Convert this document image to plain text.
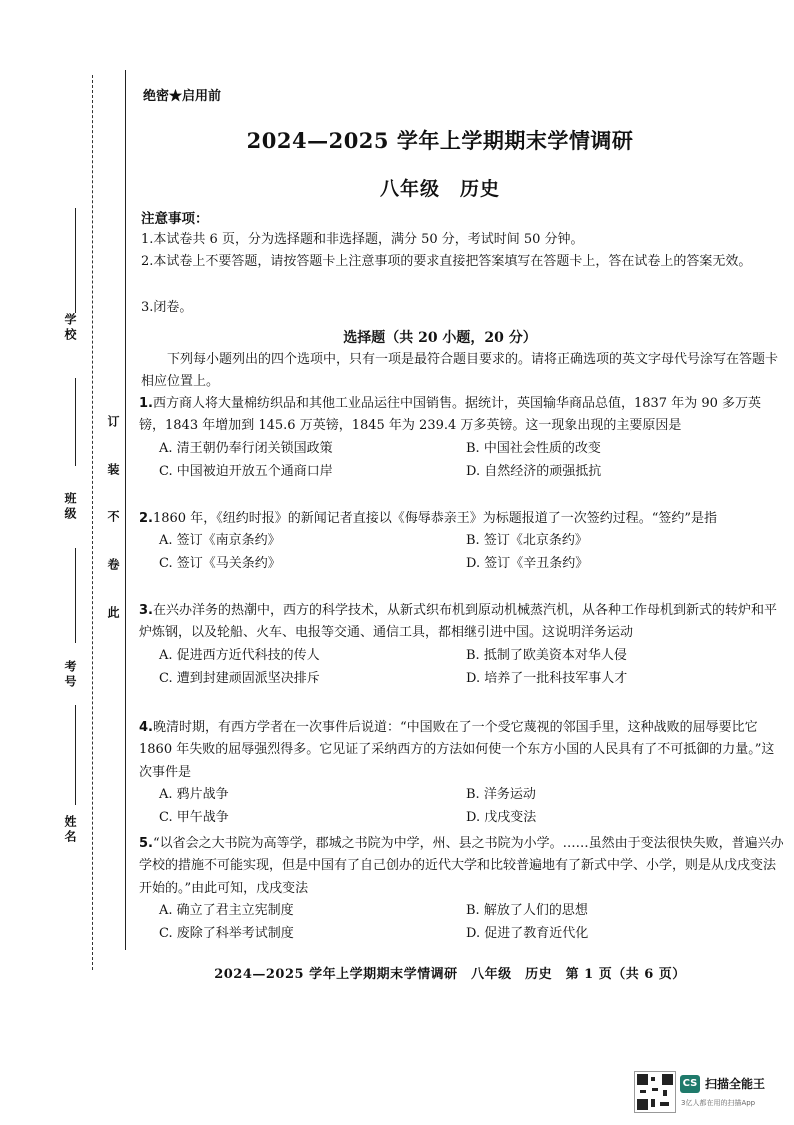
学校
班级
考号
姓名
订
装
不
卷
此
绝密★启用前
2024—2025 学年上学期期末学情调研
八年级　历史
注意事项：
1.本试卷共 6 页，分为选择题和非选择题，满分 50 分，考试时间 50 分钟。
2.本试卷上不要答题，请按答题卡上注意事项的要求直接把答案填写在答题卡上，答在试卷上的答案无效。
3.闭卷。
选择题（共 20 小题，20 分）
下列每小题列出的四个选项中，只有一项是最符合题目要求的。请将正确选项的英文字母代号涂写在答题卡相应位置上。
1.西方商人将大量棉纺织品和其他工业品运往中国销售。据统计，英国输华商品总值，1837 年为 90 多万英镑，1843 年增加到 145.6 万英镑，1845 年为 239.4 万多英镑。这一现象出现的主要原因是
A. 清王朝仍奉行闭关锁国政策	B. 中国社会性质的改变
C. 中国被迫开放五个通商口岸	D. 自然经济的顽强抵抗
2.1860 年，《纽约时报》的新闻记者直接以《侮辱恭亲王》为标题报道了一次签约过程。“签约”是指
A. 签订《南京条约》	B. 签订《北京条约》
C. 签订《马关条约》	D. 签订《辛丑条约》
3.在兴办洋务的热潮中，西方的科学技术，从新式织布机到原动机械蒸汽机，从各种工作母机到新式的转炉和平炉炼钢，以及轮船、火车、电报等交通、通信工具，都相继引进中国。这说明洋务运动
A. 促进西方近代科技的传人	B. 抵制了欧美资本对华人侵
C. 遭到封建顽固派坚决排斥	D. 培养了一批科技军事人才
4.晚清时期，有西方学者在一次事件后说道：“中国败在了一个受它蔑视的邻国手里，这种战败的屈辱要比它 1860 年失败的屈辱强烈得多。它见证了采纳西方的方法如何使一个东方小国的人民具有了不可抵御的力量。”这次事件是
A. 鸦片战争	B. 洋务运动
C. 甲午战争	D. 戊戌变法
5.“以省会之大书院为高等学，郡城之书院为中学，州、县之书院为小学。……虽然由于变法很快失败，普遍兴办学校的措施不可能实现，但是中国有了自己创办的近代大学和比较普遍地有了新式中学、小学，则是从戊戌变法开始的。”由此可知，戊戌变法
A. 确立了君主立宪制度	B. 解放了人们的思想
C. 废除了科举考试制度	D. 促进了教育近代化
2024—2025 学年上学期期末学情调研　八年级　历史　第 1 页（共 6 页）
CS 扫描全能王
3亿人都在用的扫描App
